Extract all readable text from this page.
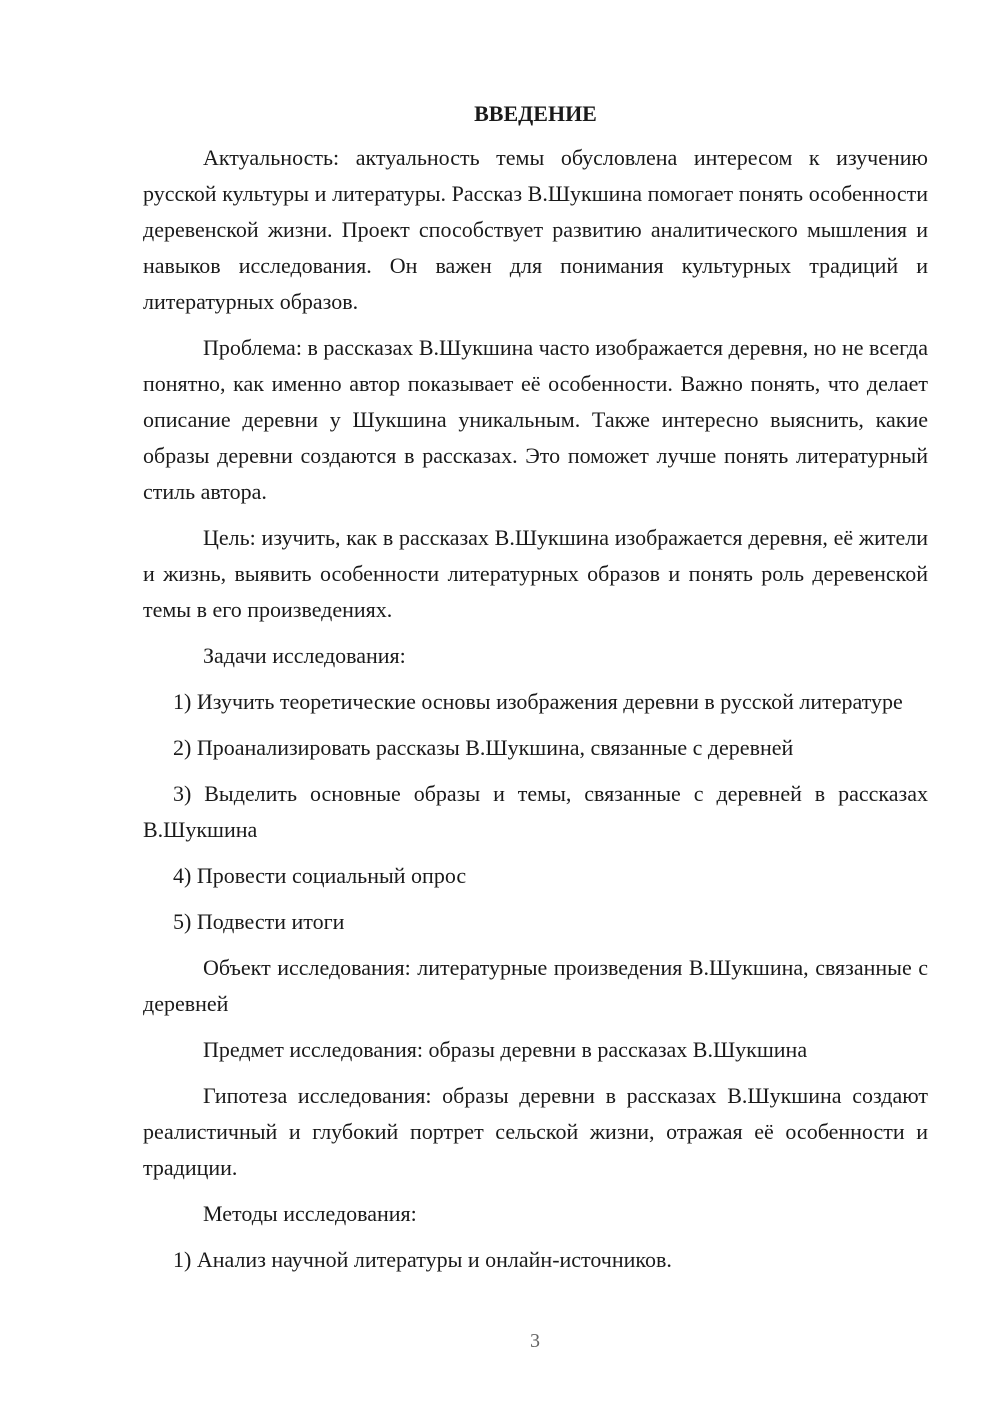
ВВЕДЕНИЕ

Актуальность: актуальность темы обусловлена интересом к изучению русской культуры и литературы. Рассказ В.Шукшина помогает понять особенности деревенской жизни. Проект способствует развитию аналитического мышления и навыков исследования. Он важен для понимания культурных традиций и литературных образов.

Проблема: в рассказах В.Шукшина часто изображается деревня, но не всегда понятно, как именно автор показывает её особенности. Важно понять, что делает описание деревни у Шукшина уникальным. Также интересно выяснить, какие образы деревни создаются в рассказах. Это поможет лучше понять литературный стиль автора.

Цель: изучить, как в рассказах В.Шукшина изображается деревня, её жители и жизнь, выявить особенности литературных образов и понять роль деревенской темы в его произведениях.

Задачи исследования:

1) Изучить теоретические основы изображения деревни в русской литературе

2) Проанализировать рассказы В.Шукшина, связанные с деревней

3) Выделить основные образы и темы, связанные с деревней в рассказах В.Шукшина

4) Провести социальный опрос

5) Подвести итоги

Объект исследования: литературные произведения В.Шукшина, связанные с деревней

Предмет исследования: образы деревни в рассказах В.Шукшина

Гипотеза исследования: образы деревни в рассказах В.Шукшина создают реалистичный и глубокий портрет сельской жизни, отражая её особенности и традиции.

Методы исследования:

1) Анализ научной литературы и онлайн-источников.

3
